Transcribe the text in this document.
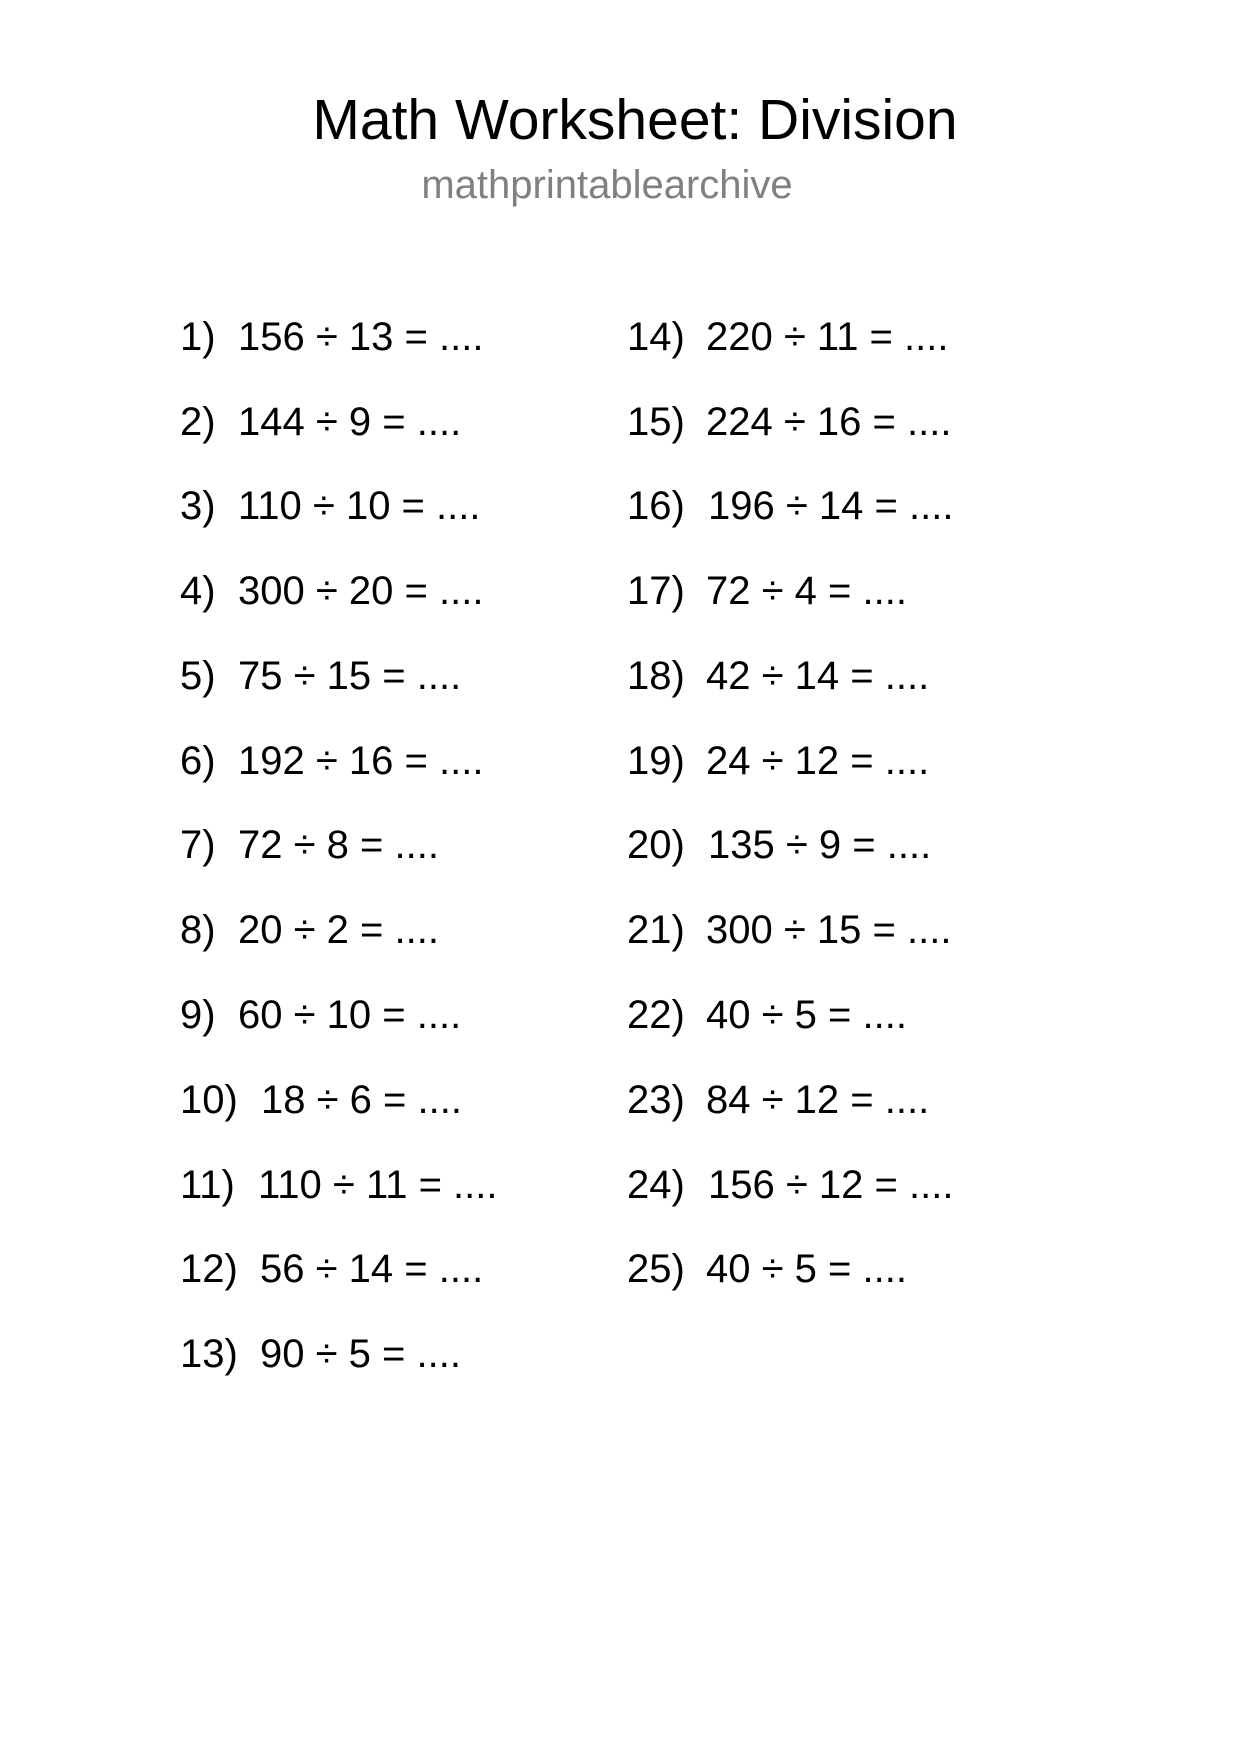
Math Worksheet: Division
mathprintablearchive
1) 156 ÷ 13 = ....
2) 144 ÷ 9 = ....
3) 110 ÷ 10 = ....
4) 300 ÷ 20 = ....
5) 75 ÷ 15 = ....
6) 192 ÷ 16 = ....
7) 72 ÷ 8 = ....
8) 20 ÷ 2 = ....
9) 60 ÷ 10 = ....
10) 18 ÷ 6 = ....
11) 110 ÷ 11 = ....
12) 56 ÷ 14 = ....
13) 90 ÷ 5 = ....
14) 220 ÷ 11 = ....
15) 224 ÷ 16 = ....
16) 196 ÷ 14 = ....
17) 72 ÷ 4 = ....
18) 42 ÷ 14 = ....
19) 24 ÷ 12 = ....
20) 135 ÷ 9 = ....
21) 300 ÷ 15 = ....
22) 40 ÷ 5 = ....
23) 84 ÷ 12 = ....
24) 156 ÷ 12 = ....
25) 40 ÷ 5 = ....
